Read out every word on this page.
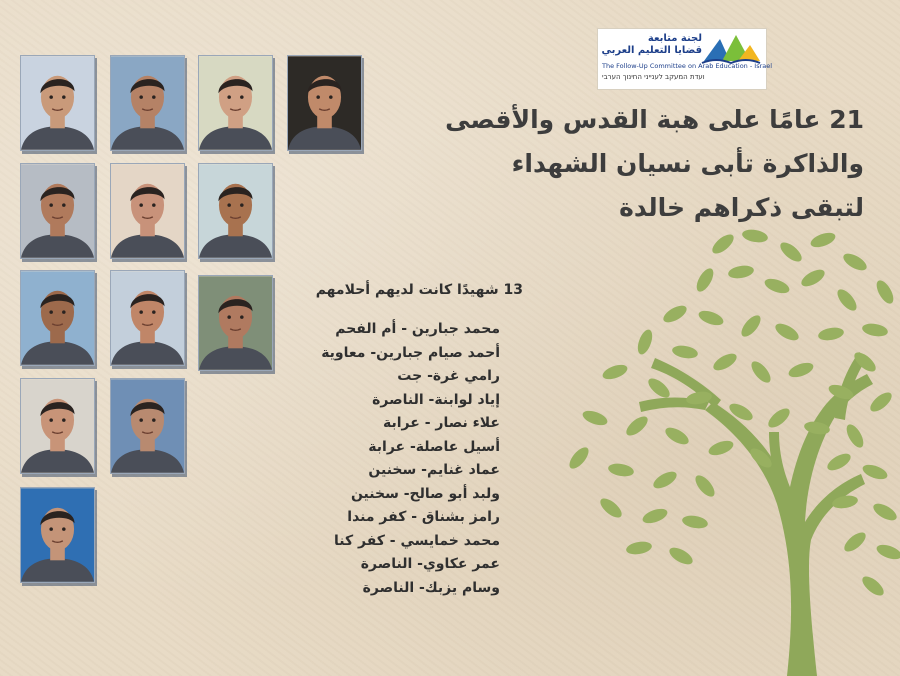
لجنة متابعة
قضايا التعليم العربي
The Follow-Up Committee on Arab Education - Israel
ועדת המעקב לענייני החינוך הערבי
21 عامًا على هبة القدس والأقصى
والذاكرة تأبى نسيان الشهداء
لتبقى ذكراهم خالدة
13 شهيدًا كانت لديهم أحلامهم
محمد جبارين - أم الفحم
أحمد صيام جبارين- معاوية
رامي غرة- جت
إياد لوابنة- الناصرة
علاء نصار - عرابة
أسيل عاصلة- عرابة
عماد غنايم- سخنين
ولبد أبو صالح- سخنين
رامز بشناق - كفر مندا
محمد خمايسي - كفر كنا
عمر عكاوي- الناصرة
وسام يزبك- الناصرة
